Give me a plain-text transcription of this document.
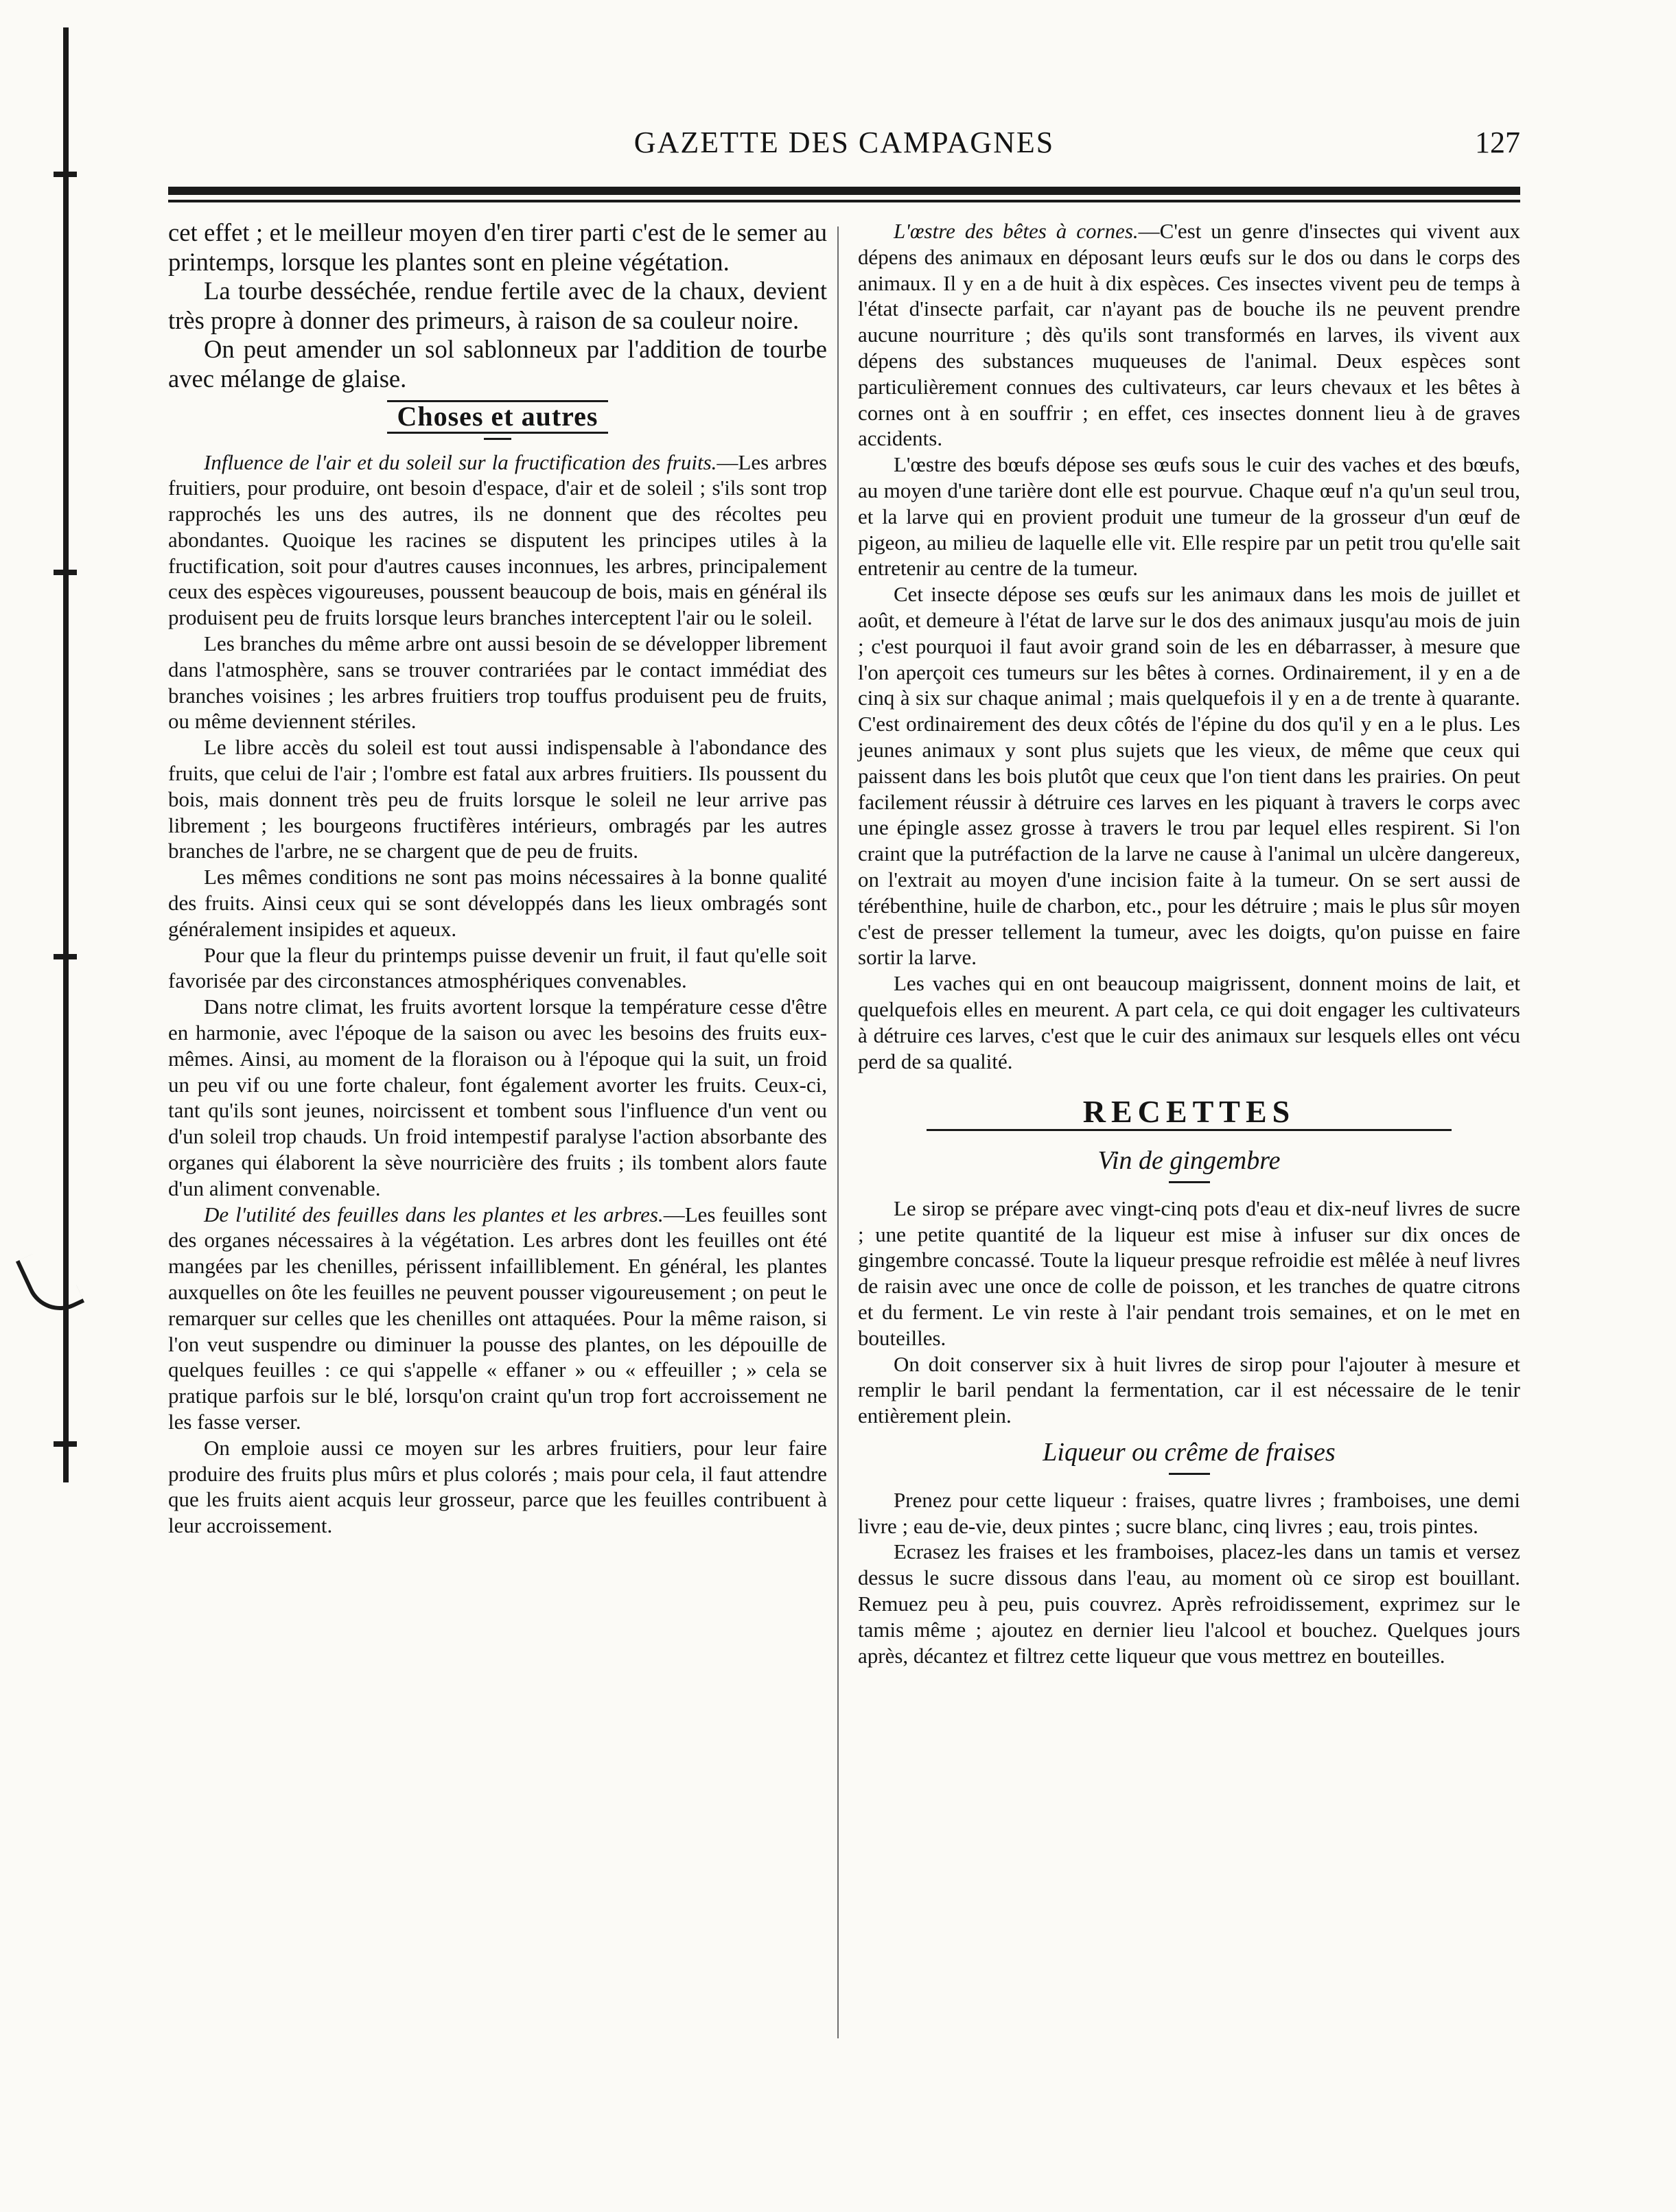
GAZETTE DES CAMPAGNES	127

cet effet ; et le meilleur moyen d'en tirer parti c'est de le semer au printemps, lorsque les plantes sont en pleine végétation.

La tourbe desséchée, rendue fertile avec de la chaux, devient très propre à donner des primeurs, à raison de sa couleur noire.

On peut amender un sol sablonneux par l'addition de tourbe avec mélange de glaise.

Choses et autres

Influence de l'air et du soleil sur la fructification des fruits.—Les arbres fruitiers, pour produire, ont besoin d'espace, d'air et de soleil ; s'ils sont trop rapprochés les uns des autres, ils ne donnent que des récoltes peu abondantes. Quoique les racines se disputent les principes utiles à la fructification, soit pour d'autres causes inconnues, les arbres, principalement ceux des espèces vigoureuses, poussent beaucoup de bois, mais en général ils produisent peu de fruits lorsque leurs branches interceptent l'air ou le soleil.

Les branches du même arbre ont aussi besoin de se développer librement dans l'atmosphère, sans se trouver contrariées par le contact immédiat des branches voisines ; les arbres fruitiers trop touffus produisent peu de fruits, ou même deviennent stériles.

Le libre accès du soleil est tout aussi indispensable à l'abondance des fruits, que celui de l'air ; l'ombre est fatal aux arbres fruitiers. Ils poussent du bois, mais donnent très peu de fruits lorsque le soleil ne leur arrive pas librement ; les bourgeons fructifères intérieurs, ombragés par les autres branches de l'arbre, ne se chargent que de peu de fruits.

Les mêmes conditions ne sont pas moins nécessaires à la bonne qualité des fruits. Ainsi ceux qui se sont développés dans les lieux ombragés sont généralement insipides et aqueux.

Pour que la fleur du printemps puisse devenir un fruit, il faut qu'elle soit favorisée par des circonstances atmosphériques convenables.

Dans notre climat, les fruits avortent lorsque la température cesse d'être en harmonie, avec l'époque de la saison ou avec les besoins des fruits eux-mêmes. Ainsi, au moment de la floraison ou à l'époque qui la suit, un froid un peu vif ou une forte chaleur, font également avorter les fruits. Ceux-ci, tant qu'ils sont jeunes, noircissent et tombent sous l'influence d'un vent ou d'un soleil trop chauds. Un froid intempestif paralyse l'action absorbante des organes qui élaborent la sève nourricière des fruits ; ils tombent alors faute d'un aliment convenable.

De l'utilité des feuilles dans les plantes et les arbres.—Les feuilles sont des organes nécessaires à la végétation. Les arbres dont les feuilles ont été mangées par les chenilles, périssent infailliblement. En général, les plantes auxquelles on ôte les feuilles ne peuvent pousser vigoureusement ; on peut le remarquer sur celles que les chenilles ont attaquées. Pour la même raison, si l'on veut suspendre ou diminuer la pousse des plantes, on les dépouille de quelques feuilles : ce qui s'appelle « effaner » ou « effeuiller ; » cela se pratique parfois sur le blé, lorsqu'on craint qu'un trop fort accroissement ne les fasse verser.

On emploie aussi ce moyen sur les arbres fruitiers, pour leur faire produire des fruits plus mûrs et plus colorés ; mais pour cela, il faut attendre que les fruits aient acquis leur grosseur, parce que les feuilles contribuent à leur accroissement.

L'œstre des bêtes à cornes.—C'est un genre d'insectes qui vivent aux dépens des animaux en déposant leurs œufs sur le dos ou dans le corps des animaux. Il y en a de huit à dix espèces. Ces insectes vivent peu de temps à l'état d'insecte parfait, car n'ayant pas de bouche ils ne peuvent prendre aucune nourriture ; dès qu'ils sont transformés en larves, ils vivent aux dépens des substances muqueuses de l'animal. Deux espèces sont particulièrement connues des cultivateurs, car leurs chevaux et les bêtes à cornes ont à en souffrir ; en effet, ces insectes donnent lieu à de graves accidents.

L'œstre des bœufs dépose ses œufs sous le cuir des vaches et des bœufs, au moyen d'une tarière dont elle est pourvue. Chaque œuf n'a qu'un seul trou, et la larve qui en provient produit une tumeur de la grosseur d'un œuf de pigeon, au milieu de laquelle elle vit. Elle respire par un petit trou qu'elle sait entretenir au centre de la tumeur.

Cet insecte dépose ses œufs sur les animaux dans les mois de juillet et août, et demeure à l'état de larve sur le dos des animaux jusqu'au mois de juin ; c'est pourquoi il faut avoir grand soin de les en débarrasser, à mesure que l'on aperçoit ces tumeurs sur les bêtes à cornes. Ordinairement, il y en a de cinq à six sur chaque animal ; mais quelquefois il y en a de trente à quarante. C'est ordinairement des deux côtés de l'épine du dos qu'il y en a le plus. Les jeunes animaux y sont plus sujets que les vieux, de même que ceux qui paissent dans les bois plutôt que ceux que l'on tient dans les prairies. On peut facilement réussir à détruire ces larves en les piquant à travers le corps avec une épingle assez grosse à travers le trou par lequel elles respirent. Si l'on craint que la putréfaction de la larve ne cause à l'animal un ulcère dangereux, on l'extrait au moyen d'une incision faite à la tumeur. On se sert aussi de térébenthine, huile de charbon, etc., pour les détruire ; mais le plus sûr moyen c'est de presser tellement la tumeur, avec les doigts, qu'on puisse en faire sortir la larve.

Les vaches qui en ont beaucoup maigrissent, donnent moins de lait, et quelquefois elles en meurent. A part cela, ce qui doit engager les cultivateurs à détruire ces larves, c'est que le cuir des animaux sur lesquels elles ont vécu perd de sa qualité.

RECETTES
Vin de gingembre

Le sirop se prépare avec vingt-cinq pots d'eau et dix-neuf livres de sucre ; une petite quantité de la liqueur est mise à infuser sur dix onces de gingembre concassé. Toute la liqueur presque refroidie est mêlée à neuf livres de raisin avec une once de colle de poisson, et les tranches de quatre citrons et du ferment. Le vin reste à l'air pendant trois semaines, et on le met en bouteilles.

On doit conserver six à huit livres de sirop pour l'ajouter à mesure et remplir le baril pendant la fermentation, car il est nécessaire de le tenir entièrement plein.

Liqueur ou crême de fraises

Prenez pour cette liqueur : fraises, quatre livres ; framboises, une demi livre ; eau de-vie, deux pintes ; sucre blanc, cinq livres ; eau, trois pintes.

Ecrasez les fraises et les framboises, placez-les dans un tamis et versez dessus le sucre dissous dans l'eau, au moment où ce sirop est bouillant. Remuez peu à peu, puis couvrez. Après refroidissement, exprimez sur le tamis même ; ajoutez en dernier lieu l'alcool et bouchez. Quelques jours après, décantez et filtrez cette liqueur que vous mettrez en bouteilles.
